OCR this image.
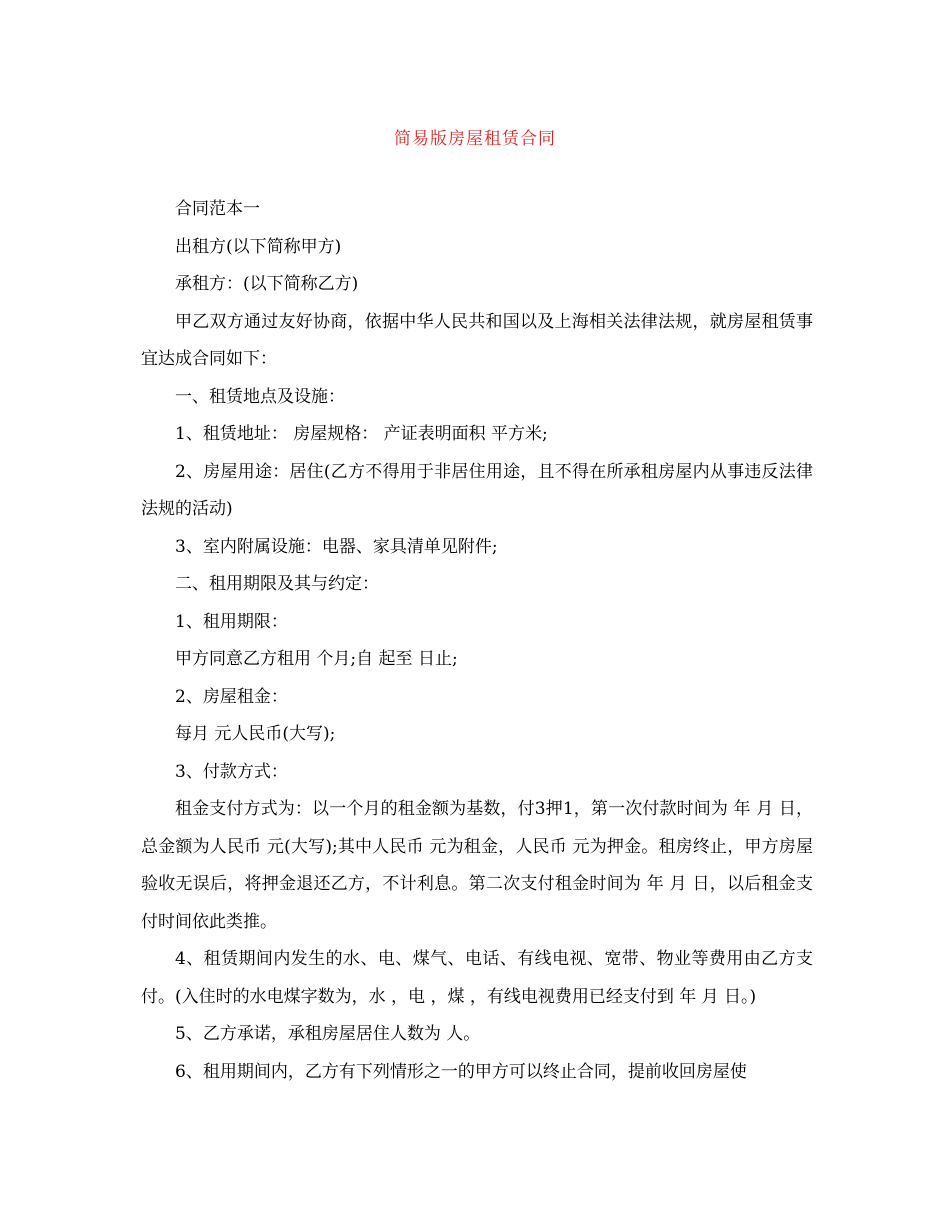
简易版房屋租赁合同

合同范本一

出租方(以下简称甲方)

承租方：(以下简称乙方)

甲乙双方通过友好协商，依据中华人民共和国以及上海相关法律法规，就房屋租赁事宜达成合同如下：

一、租赁地点及设施：

1、租赁地址： 房屋规格： 产证表明面积 平方米;

2、房屋用途：居住(乙方不得用于非居住用途，且不得在所承租房屋内从事违反法律法规的活动)

3、室内附属设施：电器、家具清单见附件;

二、租用期限及其与约定：

1、租用期限：

甲方同意乙方租用 个月;自 起至 日止;

2、房屋租金：

每月 元人民币(大写);

3、付款方式：

租金支付方式为：以一个月的租金额为基数，付3押1，第一次付款时间为 年 月 日，总金额为人民币 元(大写);其中人民币 元为租金，人民币 元为押金。租房终止，甲方房屋验收无误后，将押金退还乙方，不计利息。第二次支付租金时间为 年 月 日，以后租金支付时间依此类推。

4、租赁期间内发生的水、电、煤气、电话、有线电视、宽带、物业等费用由乙方支付。(入住时的水电煤字数为，水 ，电 ，煤 ，有线电视费用已经支付到 年 月 日。)

5、乙方承诺，承租房屋居住人数为 人。

6、租用期间内，乙方有下列情形之一的甲方可以终止合同，提前收回房屋使
